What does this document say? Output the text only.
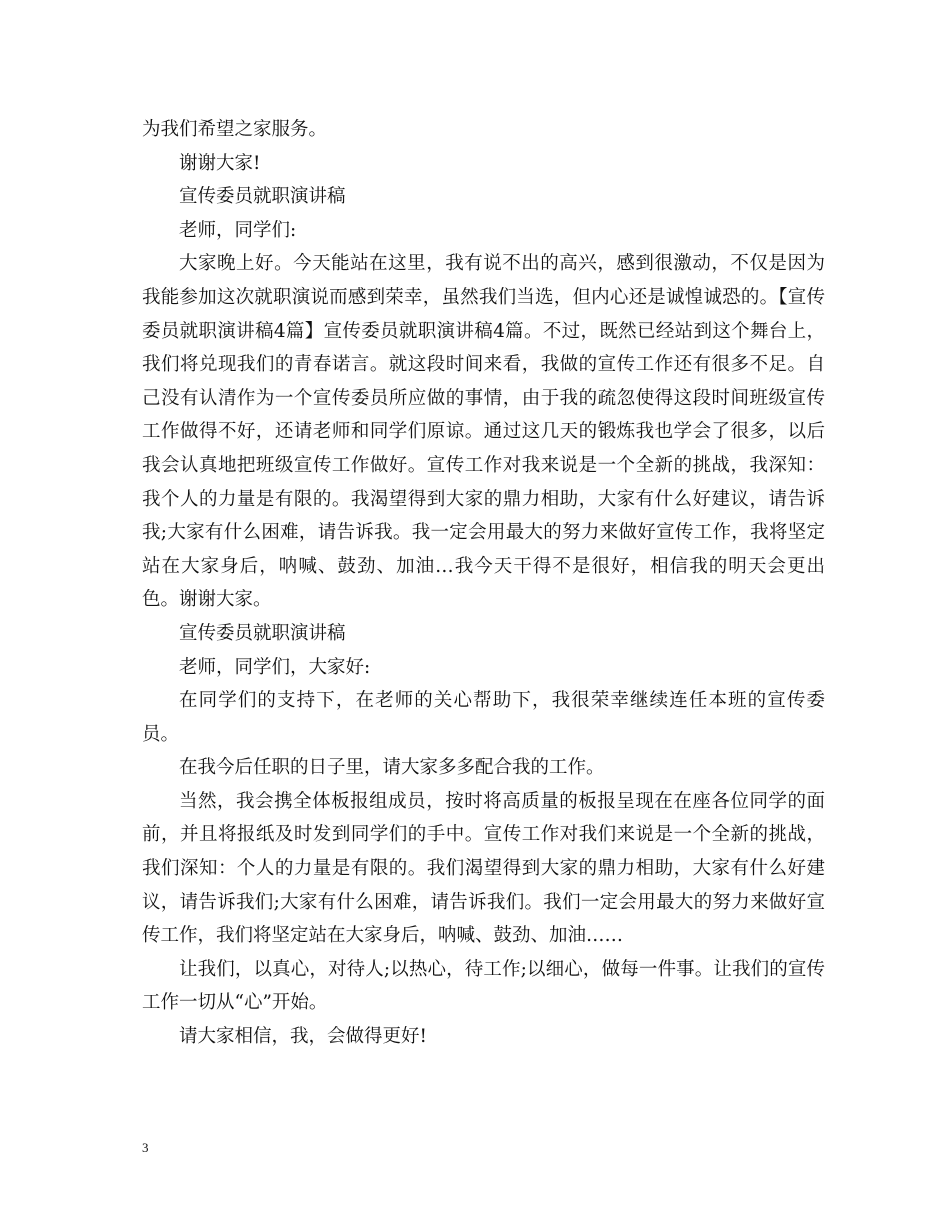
为我们希望之家服务。

谢谢大家!

宣传委员就职演讲稿

老师，同学们:

大家晚上好。今天能站在这里，我有说不出的高兴，感到很激动，不仅是因为我能参加这次就职演说而感到荣幸，虽然我们当选，但内心还是诚惶诚恐的。【宣传委员就职演讲稿4篇】宣传委员就职演讲稿4篇。不过，既然已经站到这个舞台上，我们将兑现我们的青春诺言。就这段时间来看，我做的宣传工作还有很多不足。自己没有认清作为一个宣传委员所应做的事情，由于我的疏忽使得这段时间班级宣传工作做得不好，还请老师和同学们原谅。通过这几天的锻炼我也学会了很多，以后我会认真地把班级宣传工作做好。宣传工作对我来说是一个全新的挑战，我深知：我个人的力量是有限的。我渴望得到大家的鼎力相助，大家有什么好建议，请告诉我;大家有什么困难，请告诉我。我一定会用最大的努力来做好宣传工作，我将坚定站在大家身后，呐喊、鼓劲、加油…我今天干得不是很好，相信我的明天会更出色。谢谢大家。

宣传委员就职演讲稿

老师，同学们，大家好:

在同学们的支持下，在老师的关心帮助下，我很荣幸继续连任本班的宣传委员。

在我今后任职的日子里，请大家多多配合我的工作。

当然，我会携全体板报组成员，按时将高质量的板报呈现在在座各位同学的面前，并且将报纸及时发到同学们的手中。宣传工作对我们来说是一个全新的挑战，我们深知：个人的力量是有限的。我们渴望得到大家的鼎力相助，大家有什么好建议，请告诉我们;大家有什么困难，请告诉我们。我们一定会用最大的努力来做好宣传工作，我们将坚定站在大家身后，呐喊、鼓劲、加油……

让我们，以真心，对待人;以热心，待工作;以细心，做每一件事。让我们的宣传工作一切从“心”开始。

请大家相信，我，会做得更好!

3
